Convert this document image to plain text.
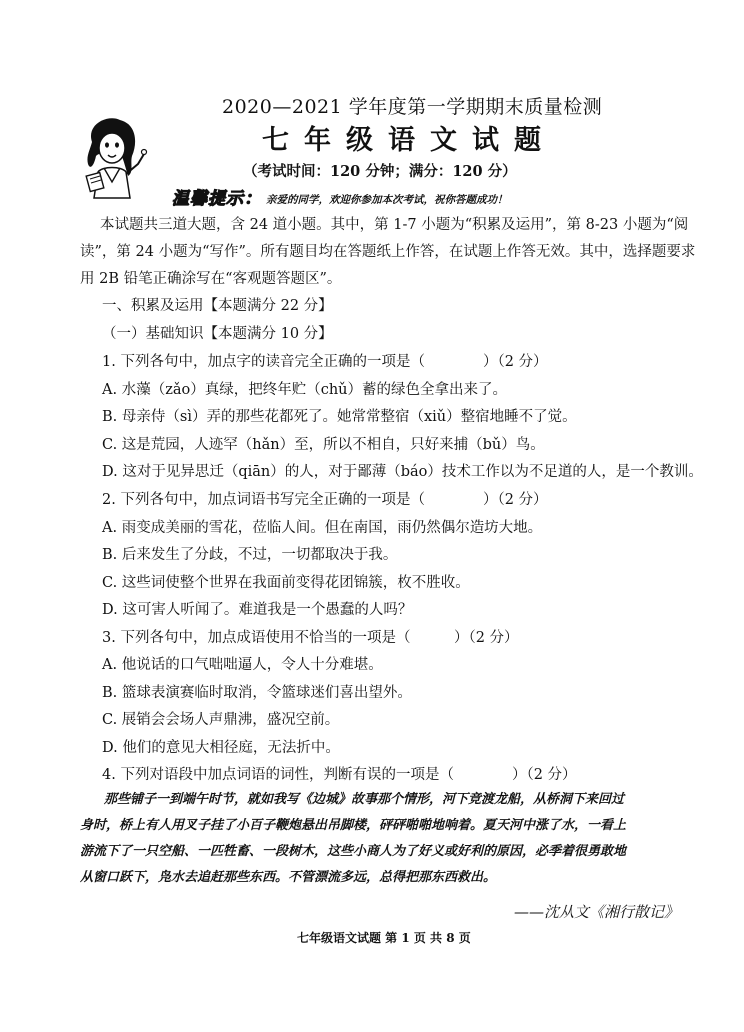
2020—2021 学年度第一学期期末质量检测
七年级语文试题
（考试时间：120 分钟；满分：120 分）
温馨提示： 亲爱的同学，欢迎你参加本次考试，祝你答题成功！
本试题共三道大题，含 24 道小题。其中，第 1-7 小题为“积累及运用”，第 8-23 小题为“阅
读”，第 24 小题为“写作”。所有题目均在答题纸上作答，在试题上作答无效。其中，选择题要求
用 2B 铅笔正确涂写在“客观题答题区”。
一、积累及运用【本题满分 22 分】
（一）基础知识【本题满分 10 分】
1. 下列各句中，加点字的读音完全正确的一项是（　　　　）（2 分）
A. 水藻（zǎo）真绿，把终年贮（chǔ）蓄的绿色全拿出来了。
B. 母亲侍（sì）弄的那些花都死了。她常常整宿（xiǔ）整宿地睡不了觉。
C. 这是荒园，人迹罕（hǎn）至，所以不相自，只好来捕（bǔ）鸟。
D. 这对于见异思迁（qiān）的人，对于鄙薄（báo）技术工作以为不足道的人，是一个教训。
2. 下列各句中，加点词语书写完全正确的一项是（　　　　）（2 分）
A. 雨变成美丽的雪花，莅临人间。但在南国，雨仍然偶尔造坊大地。
B. 后来发生了分歧，不过，一切都取决于我。
C. 这些词使整个世界在我面前变得花团锦簇，枚不胜收。
D. 这可害人听闻了。难道我是一个愚蠢的人吗？
3. 下列各句中，加点成语使用不恰当的一项是（　　　）（2 分）
A. 他说话的口气咄咄逼人，令人十分难堪。
B. 篮球表演赛临时取消，令篮球迷们喜出望外。
C. 展销会会场人声鼎沸，盛况空前。
D. 他们的意见大相径庭，无法折中。
4. 下列对语段中加点词语的词性，判断有误的一项是（　　　　）（2 分）
那些铺子一到端午时节，就如我写《边城》故事那个情形，河下竞渡龙船，从桥洞下来回过
身时，桥上有人用叉子挂了小百子鞭炮悬出吊脚楼，砰砰啪啪地响着。夏天河中涨了水，一看上
游流下了一只空船、一匹牲畜、一段树木，这些小商人为了好义或好利的原因，必季着很勇敢地
从窗口跃下，凫水去追赶那些东西。不管漂流多远，总得把那东西救出。
——沈从文《湘行散记》
七年级语文试题 第 1 页 共 8 页
